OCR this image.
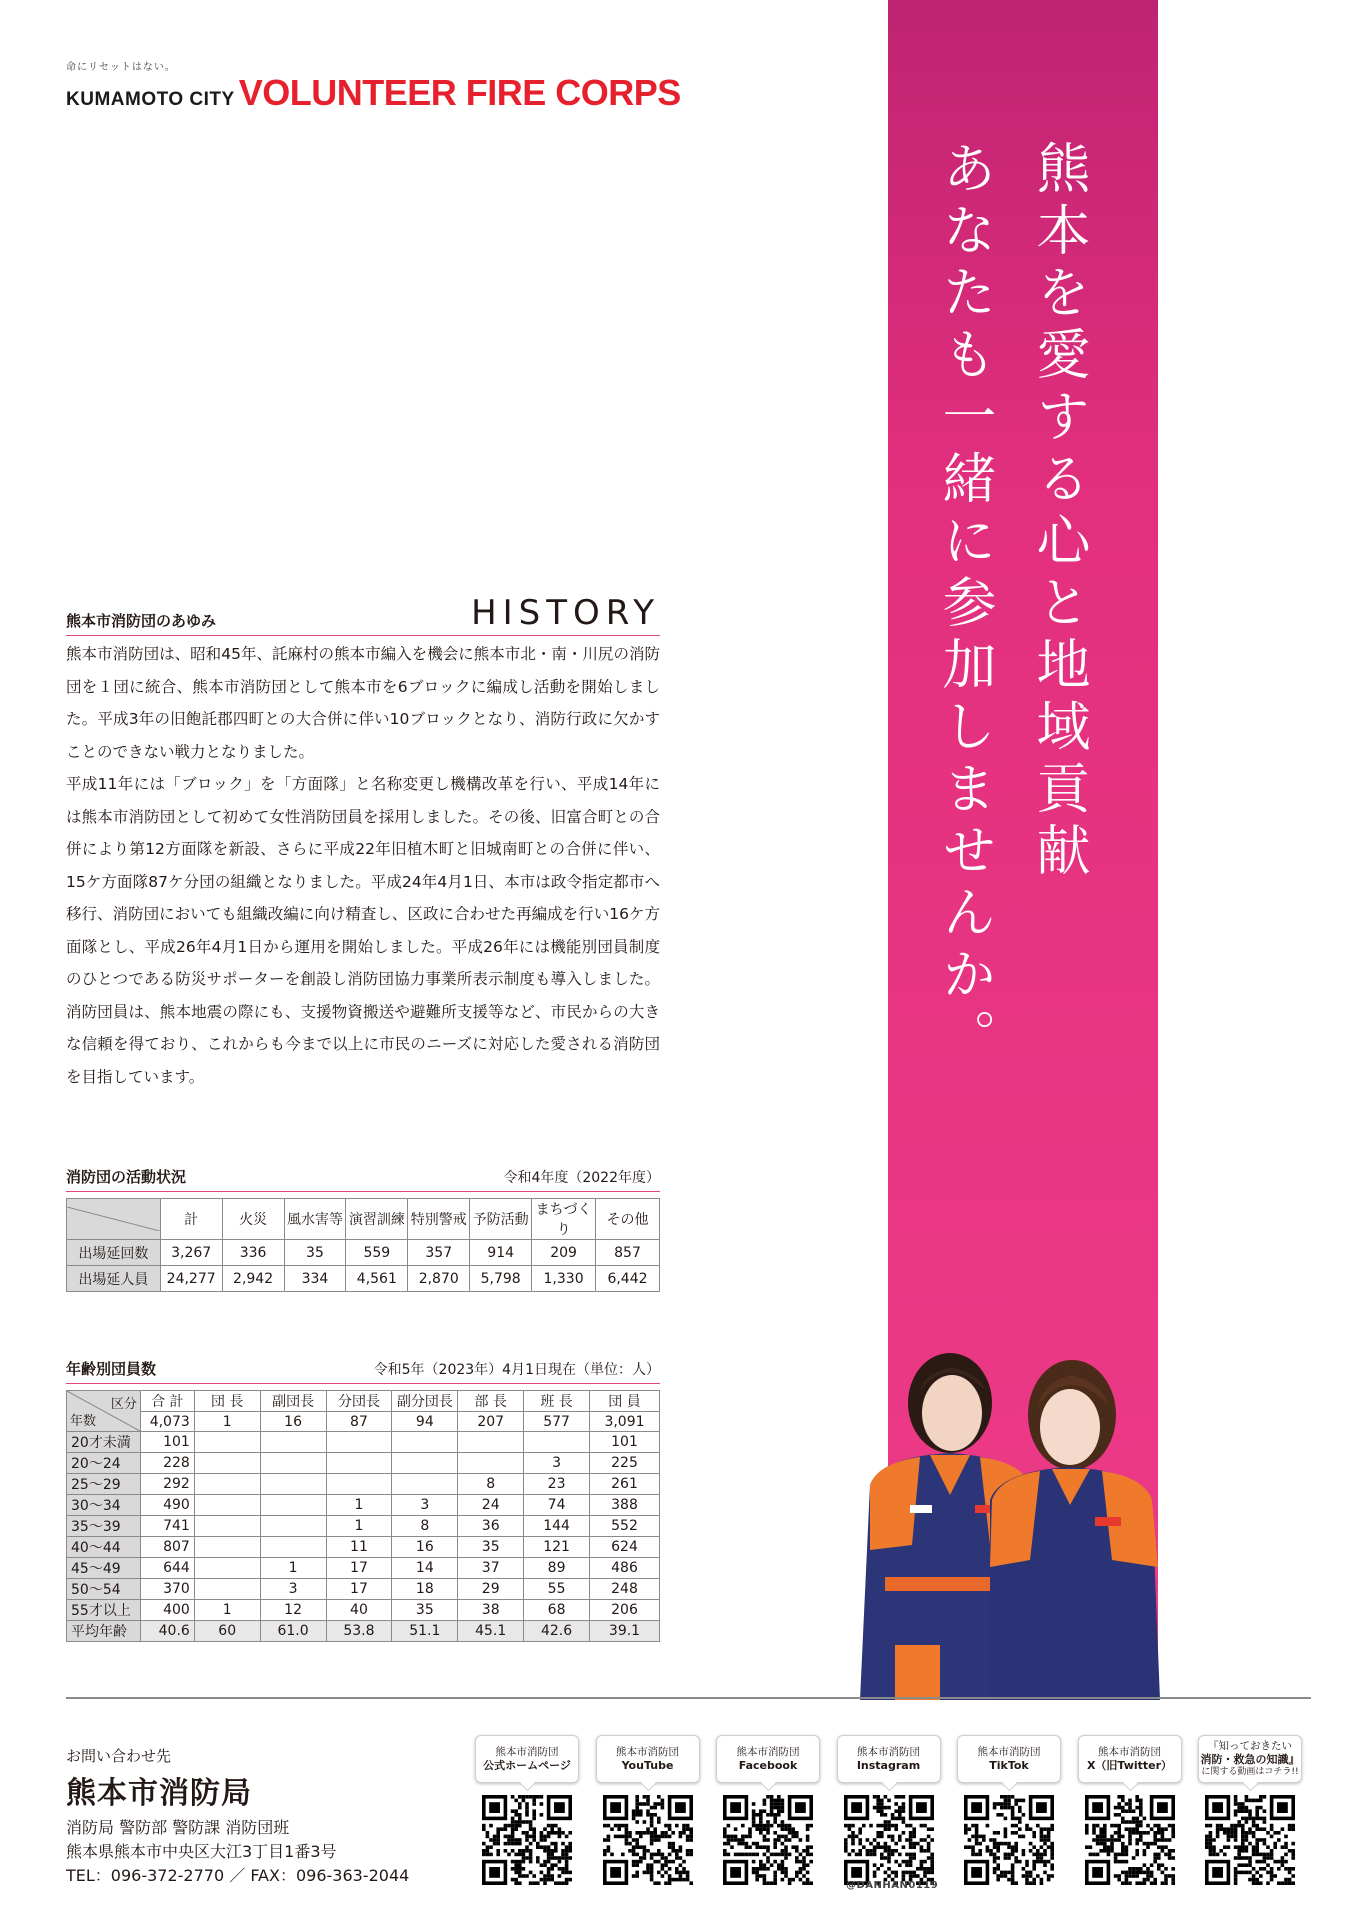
命にリセットはない。
KUMAMOTO CITY VOLUNTEER FIRE CORPS
熊本を愛する心と地域貢献
あなたも一緒に参加しませんか。
熊本市消防団のあゆみ	HISTORY

熊本市消防団は、昭和45年、託麻村の熊本市編入を機会に熊本市北・南・川尻の消防団を１団に統合、熊本市消防団として熊本市を6ブロックに編成し活動を開始しました。平成3年の旧飽託郡四町との大合併に伴い10ブロックとなり、消防行政に欠かすことのできない戦力となりました。

平成11年には「ブロック」を「方面隊」と名称変更し機構改革を行い、平成14年には熊本市消防団として初めて女性消防団員を採用しました。その後、旧富合町との合併により第12方面隊を新設、さらに平成22年旧植木町と旧城南町との合併に伴い、15ケ方面隊87ケ分団の組織となりました。平成24年4月1日、本市は政令指定都市へ移行、消防団においても組織改編に向け精査し、区政に合わせた再編成を行い16ケ方面隊とし、平成26年4月1日から運用を開始しました。平成26年には機能別団員制度のひとつである防災サポーターを創設し消防団協力事業所表示制度も導入しました。消防団員は、熊本地震の際にも、支援物資搬送や避難所支援等など、市民からの大きな信頼を得ており、これからも今まで以上に市民のニーズに対応した愛される消防団を目指しています。

消防団の活動状況	令和4年度（2022年度）
	計	火災	風水害等	演習訓練	特別警戒	予防活動	まちづくり	その他
出場延回数	3,267	336	35	559	357	914	209	857
出場延人員	24,277	2,942	334	4,561	2,870	5,798	1,330	6,442
年齢別団員数	令和5年（2023年）4月1日現在（単位：人）
区分
年数	合 計	団 長	副団長	分団長	副分団長	部 長	班 長	団 員
	4,073	1	16	87	94	207	577	3,091
20才未満	101							101
20～24	228						3	225
25～29	292					8	23	261
30～34	490			1	3	24	74	388
35～39	741			1	8	36	144	552
40～44	807			11	16	35	121	624
45～49	644		1	17	14	37	89	486
50～54	370		3	17	18	29	55	248
55才以上	400	1	12	40	35	38	68	206
平均年齢	40.6	60	61.0	53.8	51.1	45.1	42.6	39.1
お問い合わせ先
熊本市消防局
消防局 警防部 警防課 消防団班
熊本県熊本市中央区大江3丁目1番3号
TEL：096-372-2770 ／ FAX：096-363-2044
熊本市消防団
公式ホームページ
熊本市消防団
YouTube
熊本市消防団
Facebook
熊本市消防団
Instagram
熊本市消防団
TikTok
熊本市消防団
X（旧Twitter）
『知っておきたい
消防・救急の知識』
に関する動画はコチラ!!
@DANHAN0119
